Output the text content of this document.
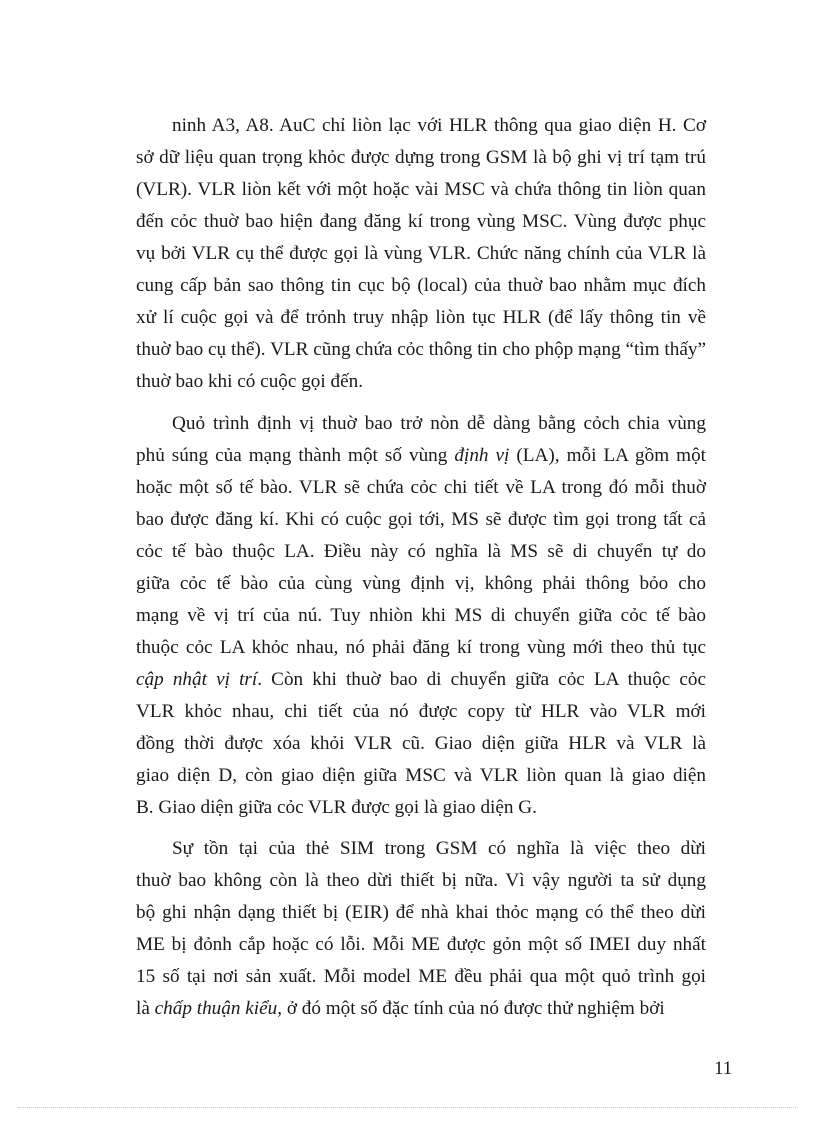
ninh A3, A8. AuC chỉ liòn lạc với HLR thông qua giao diện H. Cơ
sở dữ liệu quan trọng khỏc được dựng trong GSM là bộ ghi vị trí tạm trú
(VLR). VLR liòn kết với một hoặc vài MSC và chứa thông tin liòn quan
đến cỏc thuờ bao hiện đang đăng kí trong vùng MSC. Vùng được phục
vụ bởi VLR cụ thể được gọi là vùng VLR. Chức năng chính của VLR là
cung cấp bản sao thông tin cục bộ (local) của thuờ bao nhằm mục đích
xử lí cuộc gọi và để trỏnh truy nhập liòn tục HLR (để lấy thông tin về
thuờ bao cụ thể). VLR cũng chứa cỏc thông tin cho phộp mạng “tìm thấy”
thuờ bao khi có cuộc gọi đến.
Quỏ trình định vị thuờ bao trở nòn dễ dàng bằng cỏch chia vùng
phủ súng của mạng thành một số vùng định vị (LA), mỗi LA gồm một
hoặc một số tế bào. VLR sẽ chứa cỏc chi tiết về LA trong đó mỗi thuờ
bao được đăng kí. Khi có cuộc gọi tới, MS sẽ được tìm gọi trong tất cả
cỏc tế bào thuộc LA. Điều này có nghĩa là MS sẽ di chuyển tự do
giữa cỏc tế bào của cùng vùng định vị, không phải thông bỏo cho
mạng về vị trí của nú. Tuy nhiòn khi MS di chuyển giữa cỏc tế bào
thuộc cỏc LA khỏc nhau, nó phải đăng kí trong vùng mới theo thủ tục
cập nhật vị trí. Còn khi thuờ bao di chuyển giữa cỏc LA thuộc cỏc
VLR khỏc nhau, chi tiết của nó được copy từ HLR vào VLR mới
đồng thời được xóa khỏi VLR cũ. Giao diện giữa HLR và VLR là
giao diện D, còn giao diện giữa MSC và VLR liòn quan là giao diện
B. Giao diện giữa cỏc VLR được gọi là giao diện G.
Sự tồn tại của thẻ SIM trong GSM có nghĩa là việc theo dừi
thuờ bao không còn là theo dừi thiết bị nữa. Vì vậy người ta sử dụng
bộ ghi nhận dạng thiết bị (EIR) để nhà khai thỏc mạng có thể theo dừi
ME bị đỏnh cắp hoặc có lỗi. Mỗi ME được gỏn một số IMEI duy nhất
15 số tại nơi sản xuất. Mỗi model ME đều phải qua một quỏ trình gọi
là chấp thuận kiểu, ở đó một số đặc tính của nó được thử nghiệm bởi
11
